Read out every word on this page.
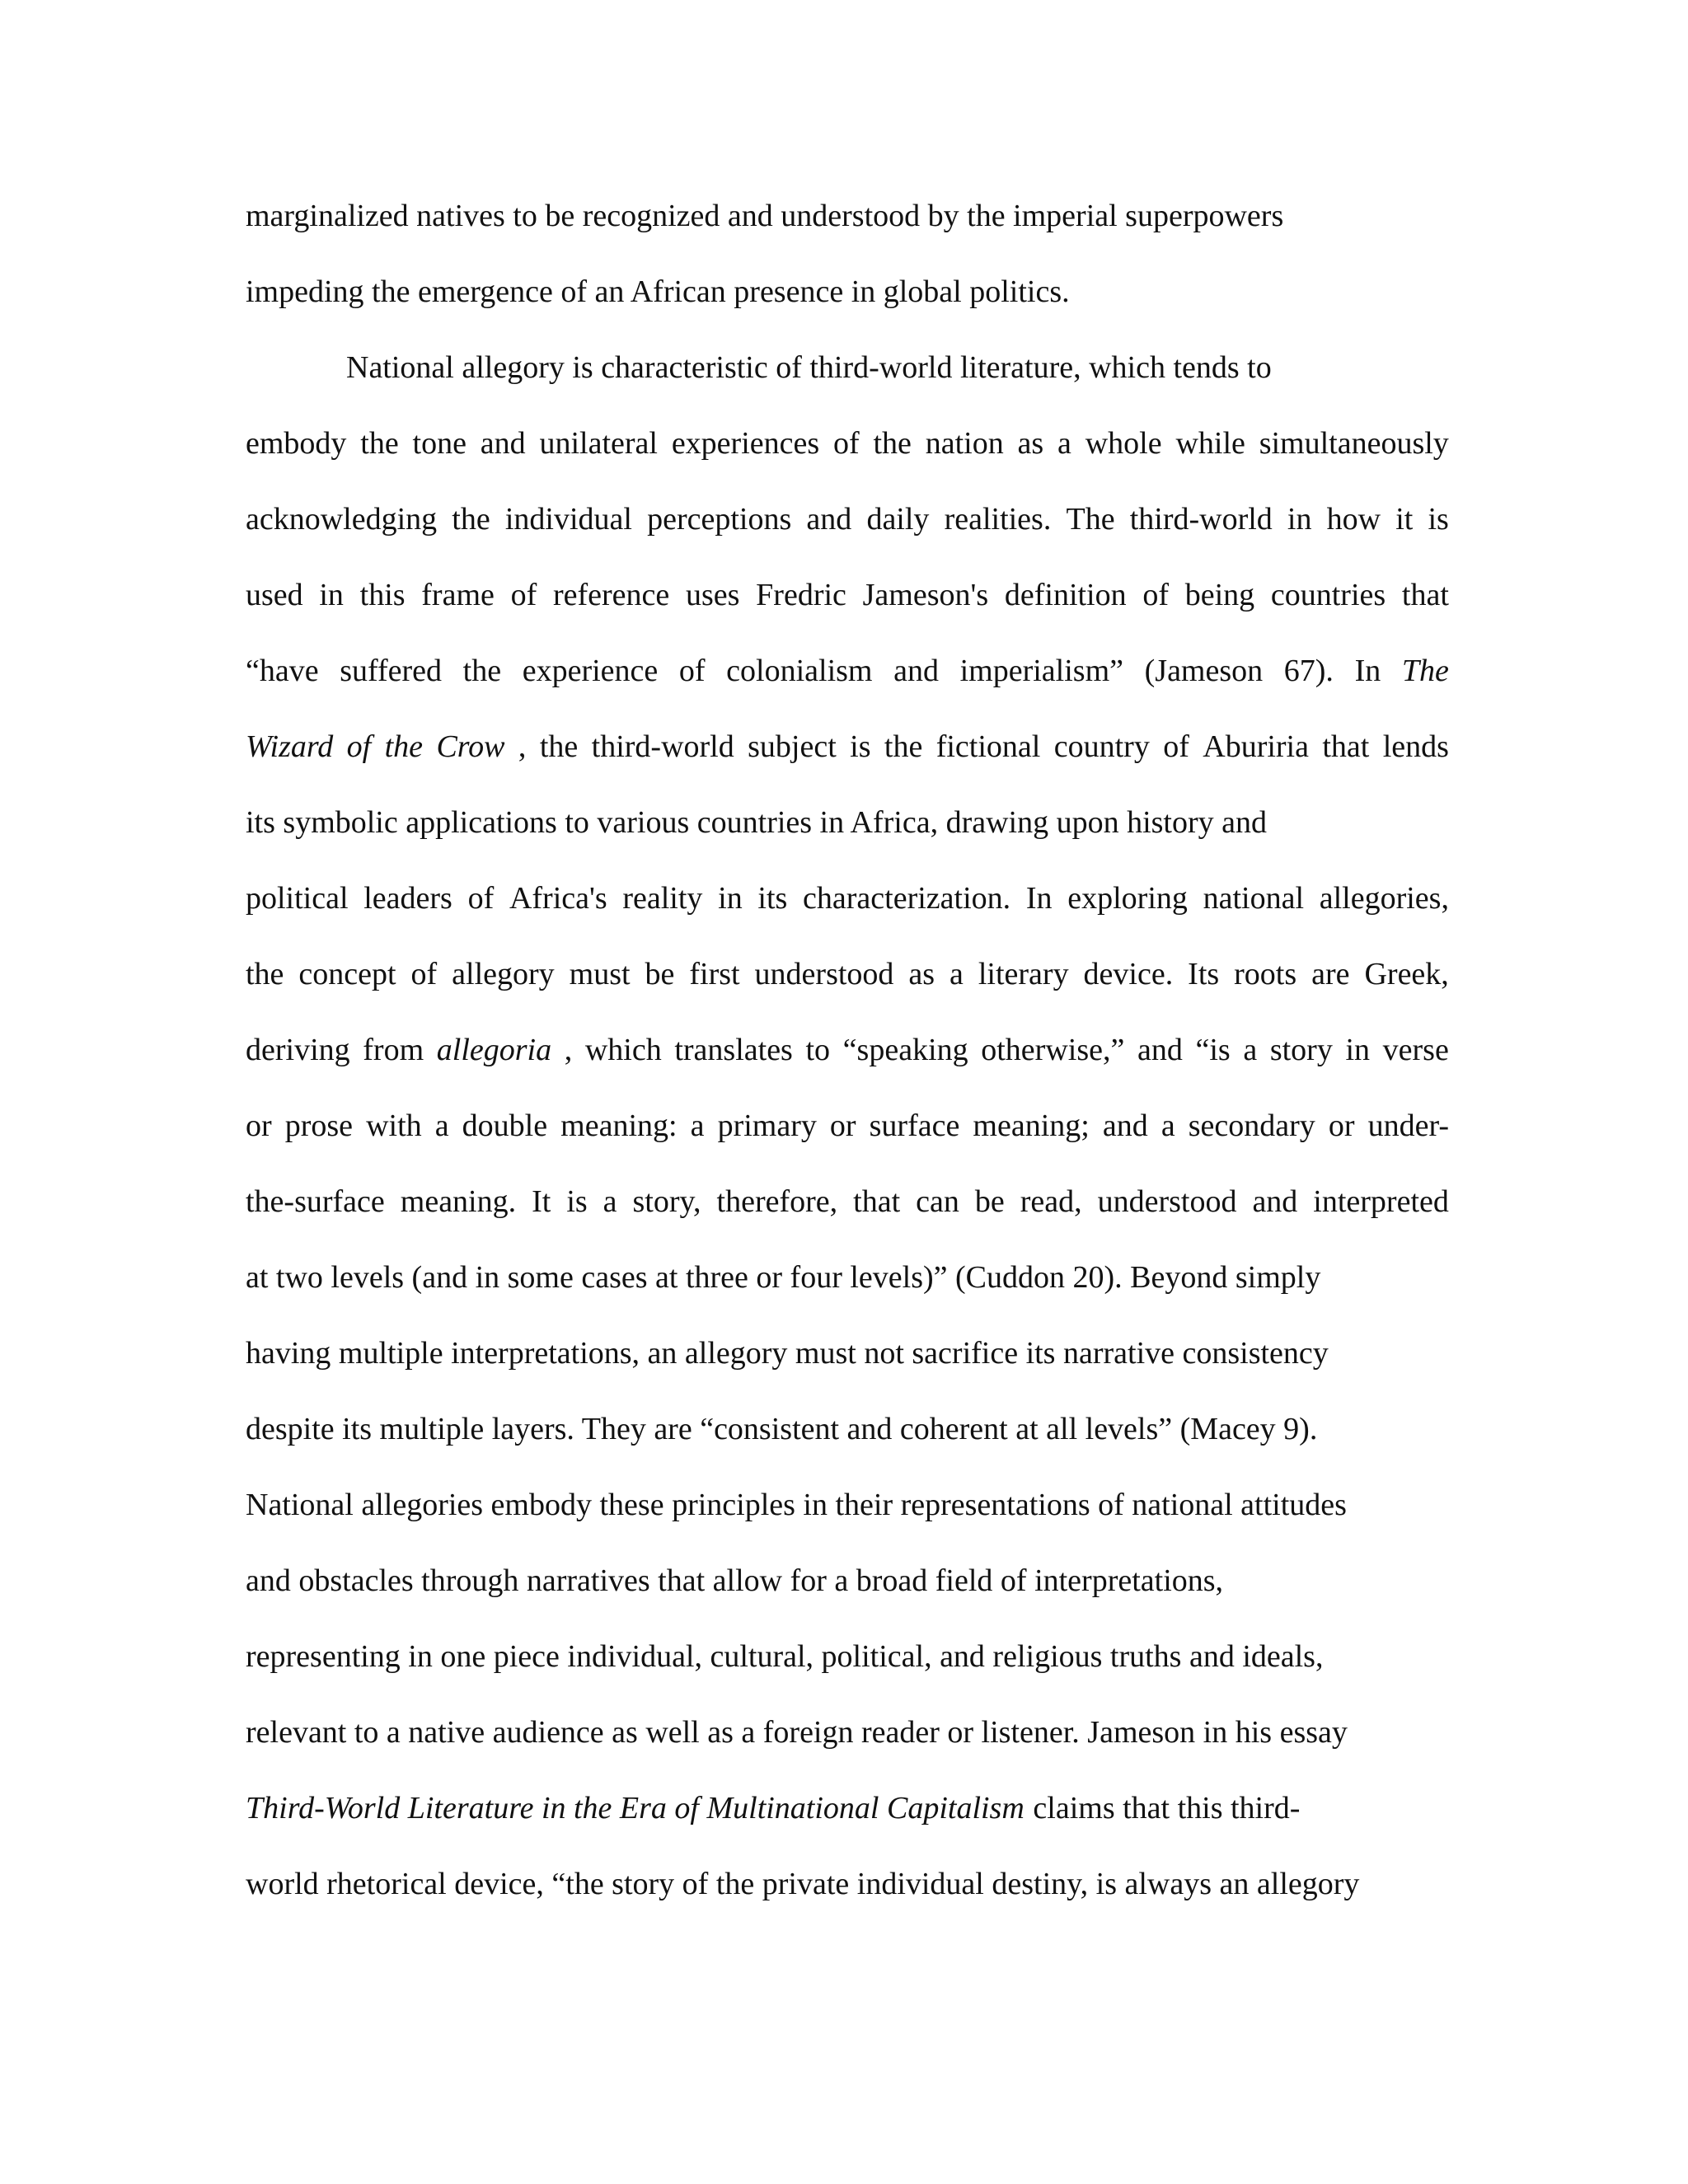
marginalized natives to be recognized and understood by the imperial superpowers
impeding the emergence of an African presence in global politics.
National allegory is characteristic of third-world literature, which tends to
embody the tone and unilateral experiences of the nation as a whole while simultaneously
acknowledging the individual perceptions and daily realities. The third-world in how it is
used in this frame of reference uses Fredric Jameson's definition of being countries that
“have suffered the experience of colonialism and imperialism” (Jameson 67). In The
Wizard of the Crow , the third-world subject is the fictional country of Aburiria that lends
its symbolic applications to various countries in Africa, drawing upon history and
political leaders of Africa's reality in its characterization. In exploring national allegories,
the concept of allegory must be first understood as a literary device. Its roots are Greek,
deriving from allegoria , which translates to “speaking otherwise,” and “is a story in verse
or prose with a double meaning: a primary or surface meaning; and a secondary or under-
the-surface meaning. It is a story, therefore, that can be read, understood and interpreted
at two levels (and in some cases at three or four levels)” (Cuddon 20). Beyond simply
having multiple interpretations, an allegory must not sacrifice its narrative consistency
despite its multiple layers. They are “consistent and coherent at all levels” (Macey 9).
National allegories embody these principles in their representations of national attitudes
and obstacles through narratives that allow for a broad field of interpretations,
representing in one piece individual, cultural, political, and religious truths and ideals,
relevant to a native audience as well as a foreign reader or listener. Jameson in his essay
Third-World Literature in the Era of Multinational Capitalism claims that this third-
world rhetorical device, “the story of the private individual destiny, is always an allegory
